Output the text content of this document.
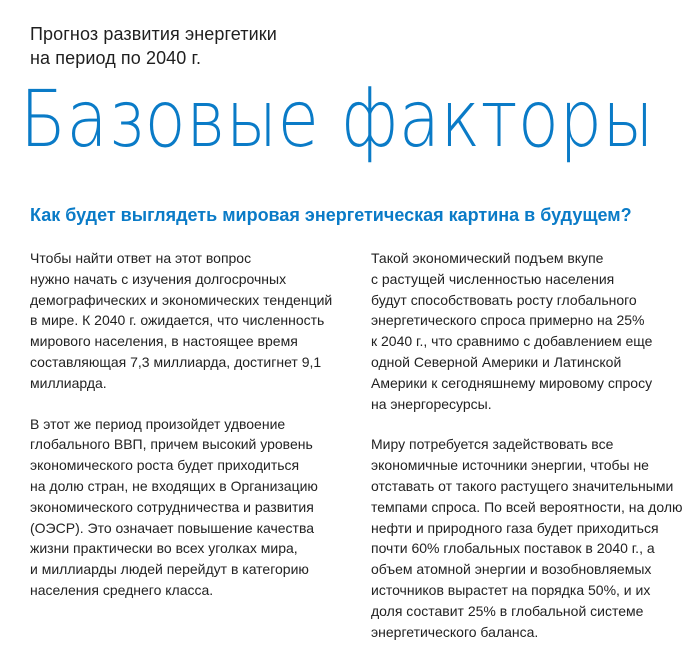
Прогноз развития энергетики
на период по 2040 г.
Базовые факторы
Как будет выглядеть мировая энергетическая картина в будущем?

Чтобы найти ответ на этот вопрос
нужно начать с изучения долгосрочных
демографических и экономических тенденций
в мире. К 2040 г. ожидается, что численность
мирового населения, в настоящее время
составляющая 7,3 миллиарда, достигнет 9,1
миллиарда.

В этот же период произойдет удвоение
глобального ВВП, причем высокий уровень
экономического роста будет приходиться
на долю стран, не входящих в Организацию
экономического сотрудничества и развития
(ОЭСР). Это означает повышение качества
жизни практически во всех уголках мира,
и миллиарды людей перейдут в категорию
населения среднего класса.

Такой экономический подъем вкупе
с растущей численностью населения
будут способствовать росту глобального
энергетического спроса примерно на 25%
к 2040 г., что сравнимо с добавлением еще
одной Северной Америки и Латинской
Америки к сегодняшнему мировому спросу
на энергоресурсы.

Миру потребуется задействовать все
экономичные источники энергии, чтобы не
отставать от такого растущего значительными
темпами спроса. По всей вероятности, на долю
нефти и природного газа будет приходиться
почти 60% глобальных поставок в 2040 г., а
объем атомной энергии и возобновляемых
источников вырастет на порядка 50%, и их
доля составит 25% в глобальной системе
энергетического баланса.
